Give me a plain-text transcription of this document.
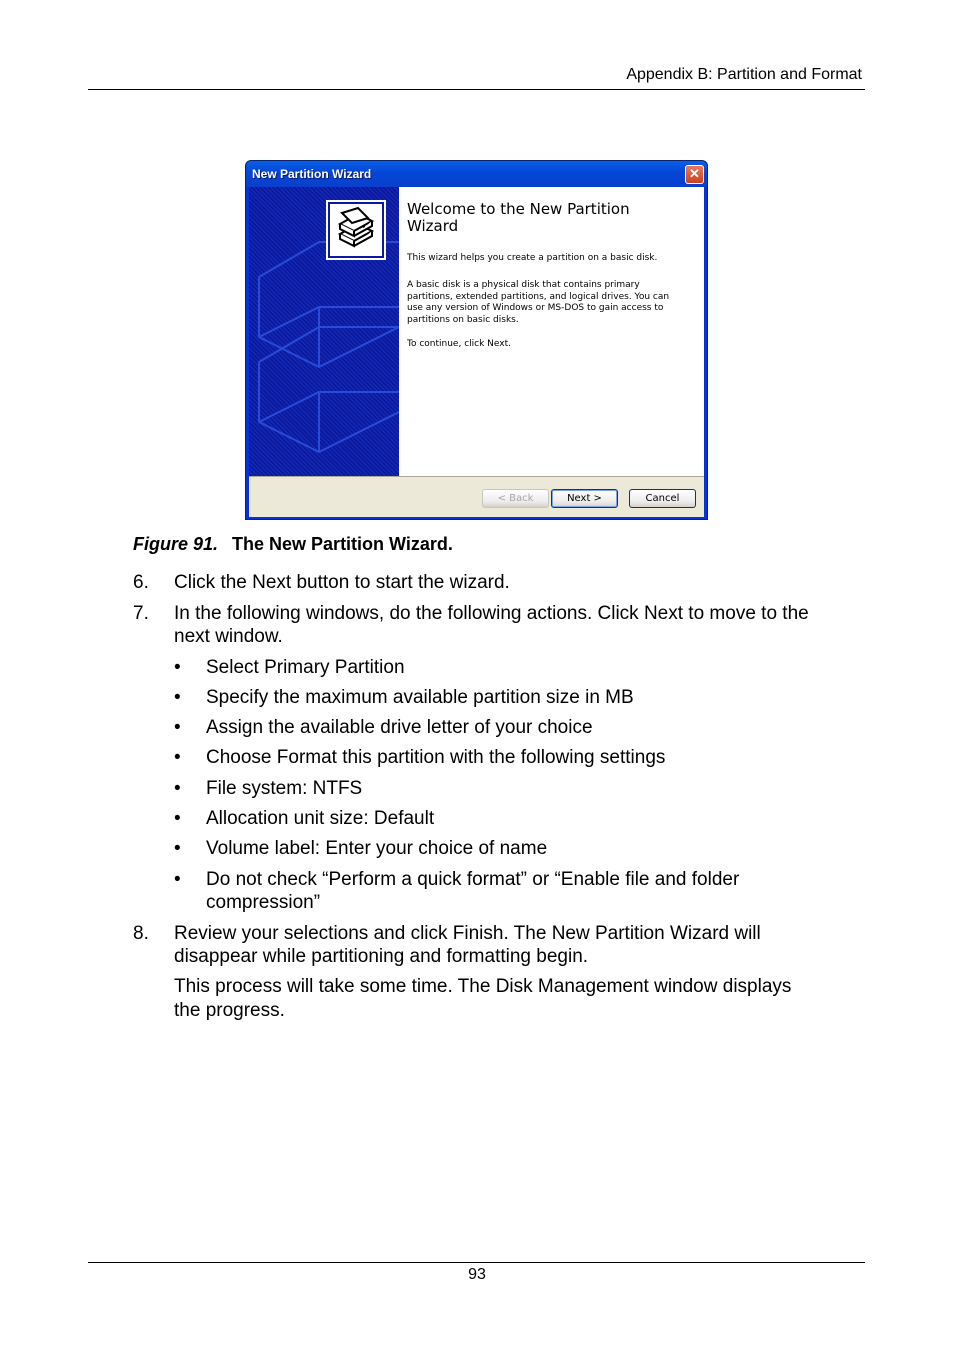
Appendix B: Partition and Format
New Partition Wizard	✕
Welcome to the New Partition Wizard
This wizard helps you create a partition on a basic disk.
A basic disk is a physical disk that contains primary partitions, extended partitions, and logical drives. You can use any version of Windows or MS-DOS to gain access to partitions on basic disks.
To continue, click Next.
< Back	Next >	Cancel
Figure 91. The New Partition Wizard.
6. Click the Next button to start the wizard.
7. In the following windows, do the following actions. Click Next to move to the
next window.
• Select Primary Partition
• Specify the maximum available partition size in MB
• Assign the available drive letter of your choice
• Choose Format this partition with the following settings
• File system: NTFS
• Allocation unit size: Default
• Volume label: Enter your choice of name
• Do not check “Perform a quick format” or “Enable file and folder
compression”
8. Review your selections and click Finish. The New Partition Wizard will
disappear while partitioning and formatting begin.
This process will take some time. The Disk Management window displays
the progress.
93
